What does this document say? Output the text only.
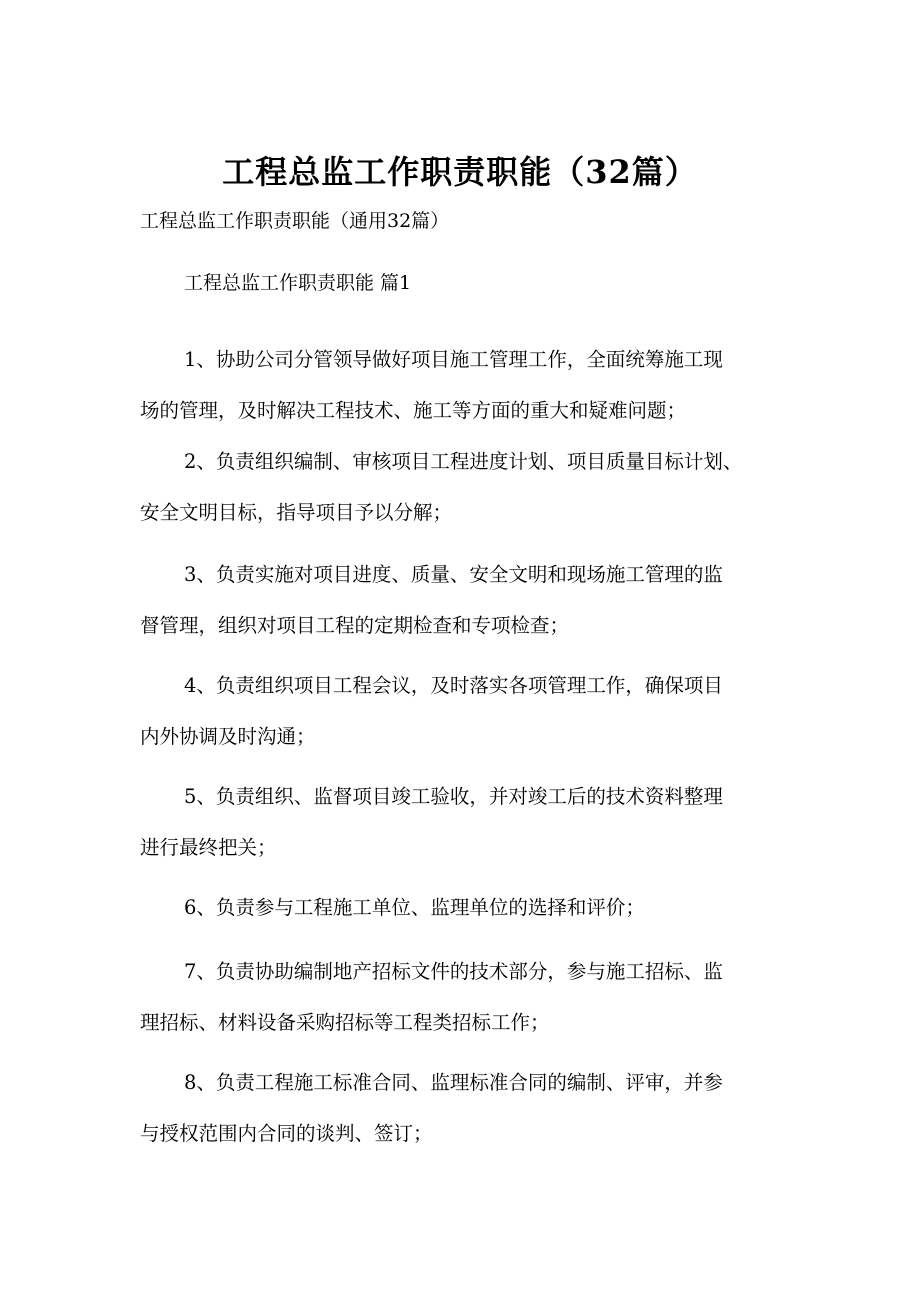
工程总监工作职责职能（32篇）
工程总监工作职责职能（通用32篇）
工程总监工作职责职能 篇1
1、协助公司分管领导做好项目施工管理工作，全面统筹施工现
场的管理，及时解决工程技术、施工等方面的重大和疑难问题；
2、负责组织编制、审核项目工程进度计划、项目质量目标计划、
安全文明目标，指导项目予以分解；
3、负责实施对项目进度、质量、安全文明和现场施工管理的监
督管理，组织对项目工程的定期检查和专项检查；
4、负责组织项目工程会议，及时落实各项管理工作，确保项目
内外协调及时沟通；
5、负责组织、监督项目竣工验收，并对竣工后的技术资料整理
进行最终把关；
6、负责参与工程施工单位、监理单位的选择和评价；
7、负责协助编制地产招标文件的技术部分，参与施工招标、监
理招标、材料设备采购招标等工程类招标工作；
8、负责工程施工标准合同、监理标准合同的编制、评审，并参
与授权范围内合同的谈判、签订；
